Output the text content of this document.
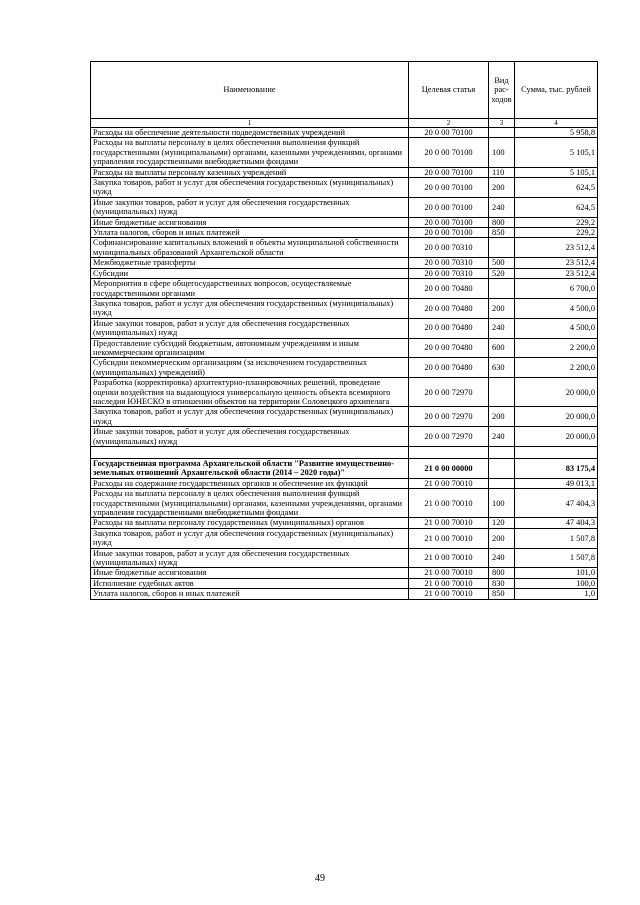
Наименование	Целевая статья	Вид рас-ходов	Сумма, тыс. рублей
1	2	3	4
Расходы на обеспечение деятельности подведомственных учреждений	20 0 00 70100		5 958,8
Расходы на выплаты персоналу в целях обеспечения выполнения функций государственными (муниципальными) органами, казенными учреждениями, органами управления государственными внебюджетными фондами	20 0 00 70100	100	5 105,1
Расходы на выплаты персоналу казенных учреждений	20 0 00 70100	110	5 105,1
Закупка товаров, работ и услуг для обеспечения государственных (муниципальных) нужд	20 0 00 70100	200	624,5
Иные закупки товаров, работ и услуг для обеспечения государственных (муниципальных) нужд	20 0 00 70100	240	624,5
Иные бюджетные ассигнования	20 0 00 70100	800	229,2
Уплата налогов, сборов и иных платежей	20 0 00 70100	850	229,2
Софинансирование капитальных вложений в объекты муниципальной собственности муниципальных образований Архангельской области	20 0 00 70310		23 512,4
Межбюджетные трансферты	20 0 00 70310	500	23 512,4
Субсидии	20 0 00 70310	520	23 512,4
Мероприятия в сфере общегосударственных вопросов, осуществляемые государственными органами	20 0 00 70480		6 700,0
Закупка товаров, работ и услуг для обеспечения государственных (муниципальных) нужд	20 0 00 70480	200	4 500,0
Иные закупки товаров, работ и услуг для обеспечения государственных (муниципальных) нужд	20 0 00 70480	240	4 500,0
Предоставление субсидий бюджетным, автономным учреждениям и иным некоммерческим организациям	20 0 00 70480	600	2 200,0
Субсидии некоммерческим организациям (за исключением государственных (муниципальных) учреждений)	20 0 00 70480	630	2 200,0
Разработка (корректировка) архитектурно-планировочных решений, проведение оценки воздействия на выдающуюся универсальную ценность объекта всемирного наследия ЮНЕСКО в отношении объектов на территории Соловецкого архипелага	20 0 00 72970		20 000,0
Закупка товаров, работ и услуг для обеспечения государственных (муниципальных) нужд	20 0 00 72970	200	20 000,0
Иные закупки товаров, работ и услуг для обеспечения государственных (муниципальных) нужд	20 0 00 72970	240	20 000,0

Государственная программа Архангельской области "Развитие имущественно-земельных отношений Архангельской области (2014 – 2020 годы)"	21 0 00 00000		83 175,4
Расходы на содержание государственных органов и обеспечение их функций	21 0 00 70010		49 013,1
Расходы на выплаты персоналу в целях обеспечения выполнения функций государственными (муниципальными) органами, казенными учреждениями, органами управления государственными внебюджетными фондами	21 0 00 70010	100	47 404,3
Расходы на выплаты персоналу государственных (муниципальных) органов	21 0 00 70010	120	47 404,3
Закупка товаров, работ и услуг для обеспечения государственных (муниципальных) нужд	21 0 00 70010	200	1 507,8
Иные закупки товаров, работ и услуг для обеспечения государственных (муниципальных) нужд	21 0 00 70010	240	1 507,8
Иные бюджетные ассигнования	21 0 00 70010	800	101,0
Исполнение судебных актов	21 0 00 70010	830	100,0
Уплата налогов, сборов и иных платежей	21 0 00 70010	850	1,0
49
